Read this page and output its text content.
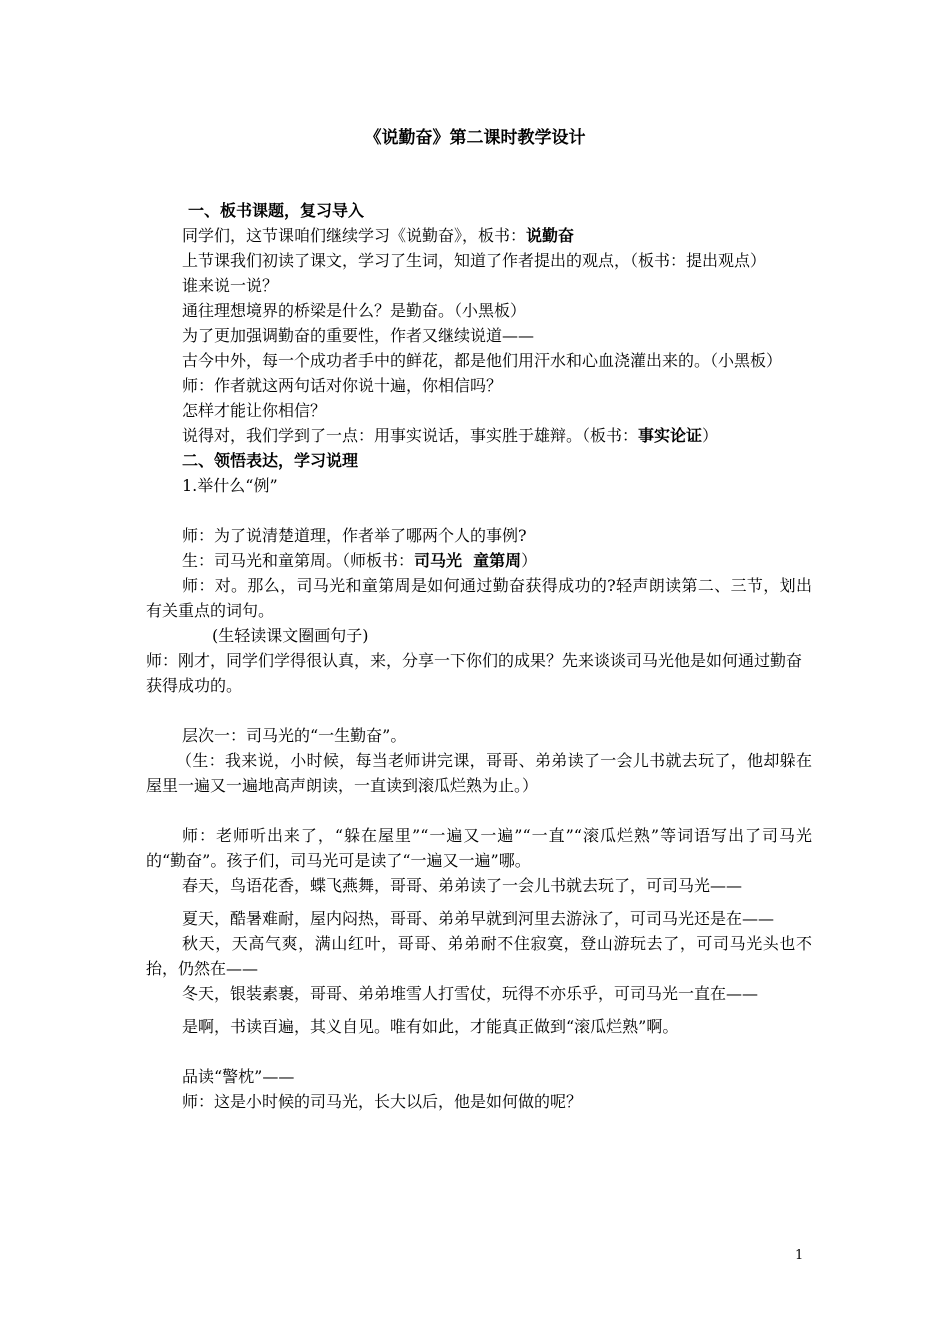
《说勤奋》第二课时教学设计

一、板书课题，复习导入

同学们，这节课咱们继续学习《说勤奋》，板书：说勤奋

上节课我们初读了课文，学习了生词，知道了作者提出的观点，（板书：提出观点）

谁来说一说？

通往理想境界的桥梁是什么？是勤奋。（小黑板）

为了更加强调勤奋的重要性，作者又继续说道——

古今中外，每一个成功者手中的鲜花，都是他们用汗水和心血浇灌出来的。（小黑板）

师：作者就这两句话对你说十遍，你相信吗？

怎样才能让你相信？

说得对，我们学到了一点：用事实说话，事实胜于雄辩。（板书：事实论证）

二、领悟表达，学习说理

1.举什么“例”

师：为了说清楚道理，作者举了哪两个人的事例?

生：司马光和童第周。（师板书：司马光  童第周）

师：对。那么，司马光和童第周是如何通过勤奋获得成功的?轻声朗读第二、三节，划出有关重点的词句。

(生轻读课文圈画句子)

师：刚才，同学们学得很认真，来，分享一下你们的成果？先来谈谈司马光他是如何通过勤奋获得成功的。

层次一：司马光的“一生勤奋”。

（生：我来说，小时候，每当老师讲完课，哥哥、弟弟读了一会儿书就去玩了，他却躲在屋里一遍又一遍地高声朗读，一直读到滚瓜烂熟为止。）

师：老师听出来了，“躲在屋里”“一遍又一遍”“一直”“滚瓜烂熟”等词语写出了司马光的“勤奋”。孩子们，司马光可是读了“一遍又一遍”哪。

春天，鸟语花香，蝶飞燕舞，哥哥、弟弟读了一会儿书就去玩了，可司马光——

夏天，酷暑难耐，屋内闷热，哥哥、弟弟早就到河里去游泳了，可司马光还是在——

秋天，天高气爽，满山红叶，哥哥、弟弟耐不住寂寞，登山游玩去了，可司马光头也不抬，仍然在——

冬天，银装素裹，哥哥、弟弟堆雪人打雪仗，玩得不亦乐乎，可司马光一直在——

是啊，书读百遍，其义自见。唯有如此，才能真正做到“滚瓜烂熟”啊。

品读“警枕”——

师：这是小时候的司马光，长大以后，他是如何做的呢？

1
